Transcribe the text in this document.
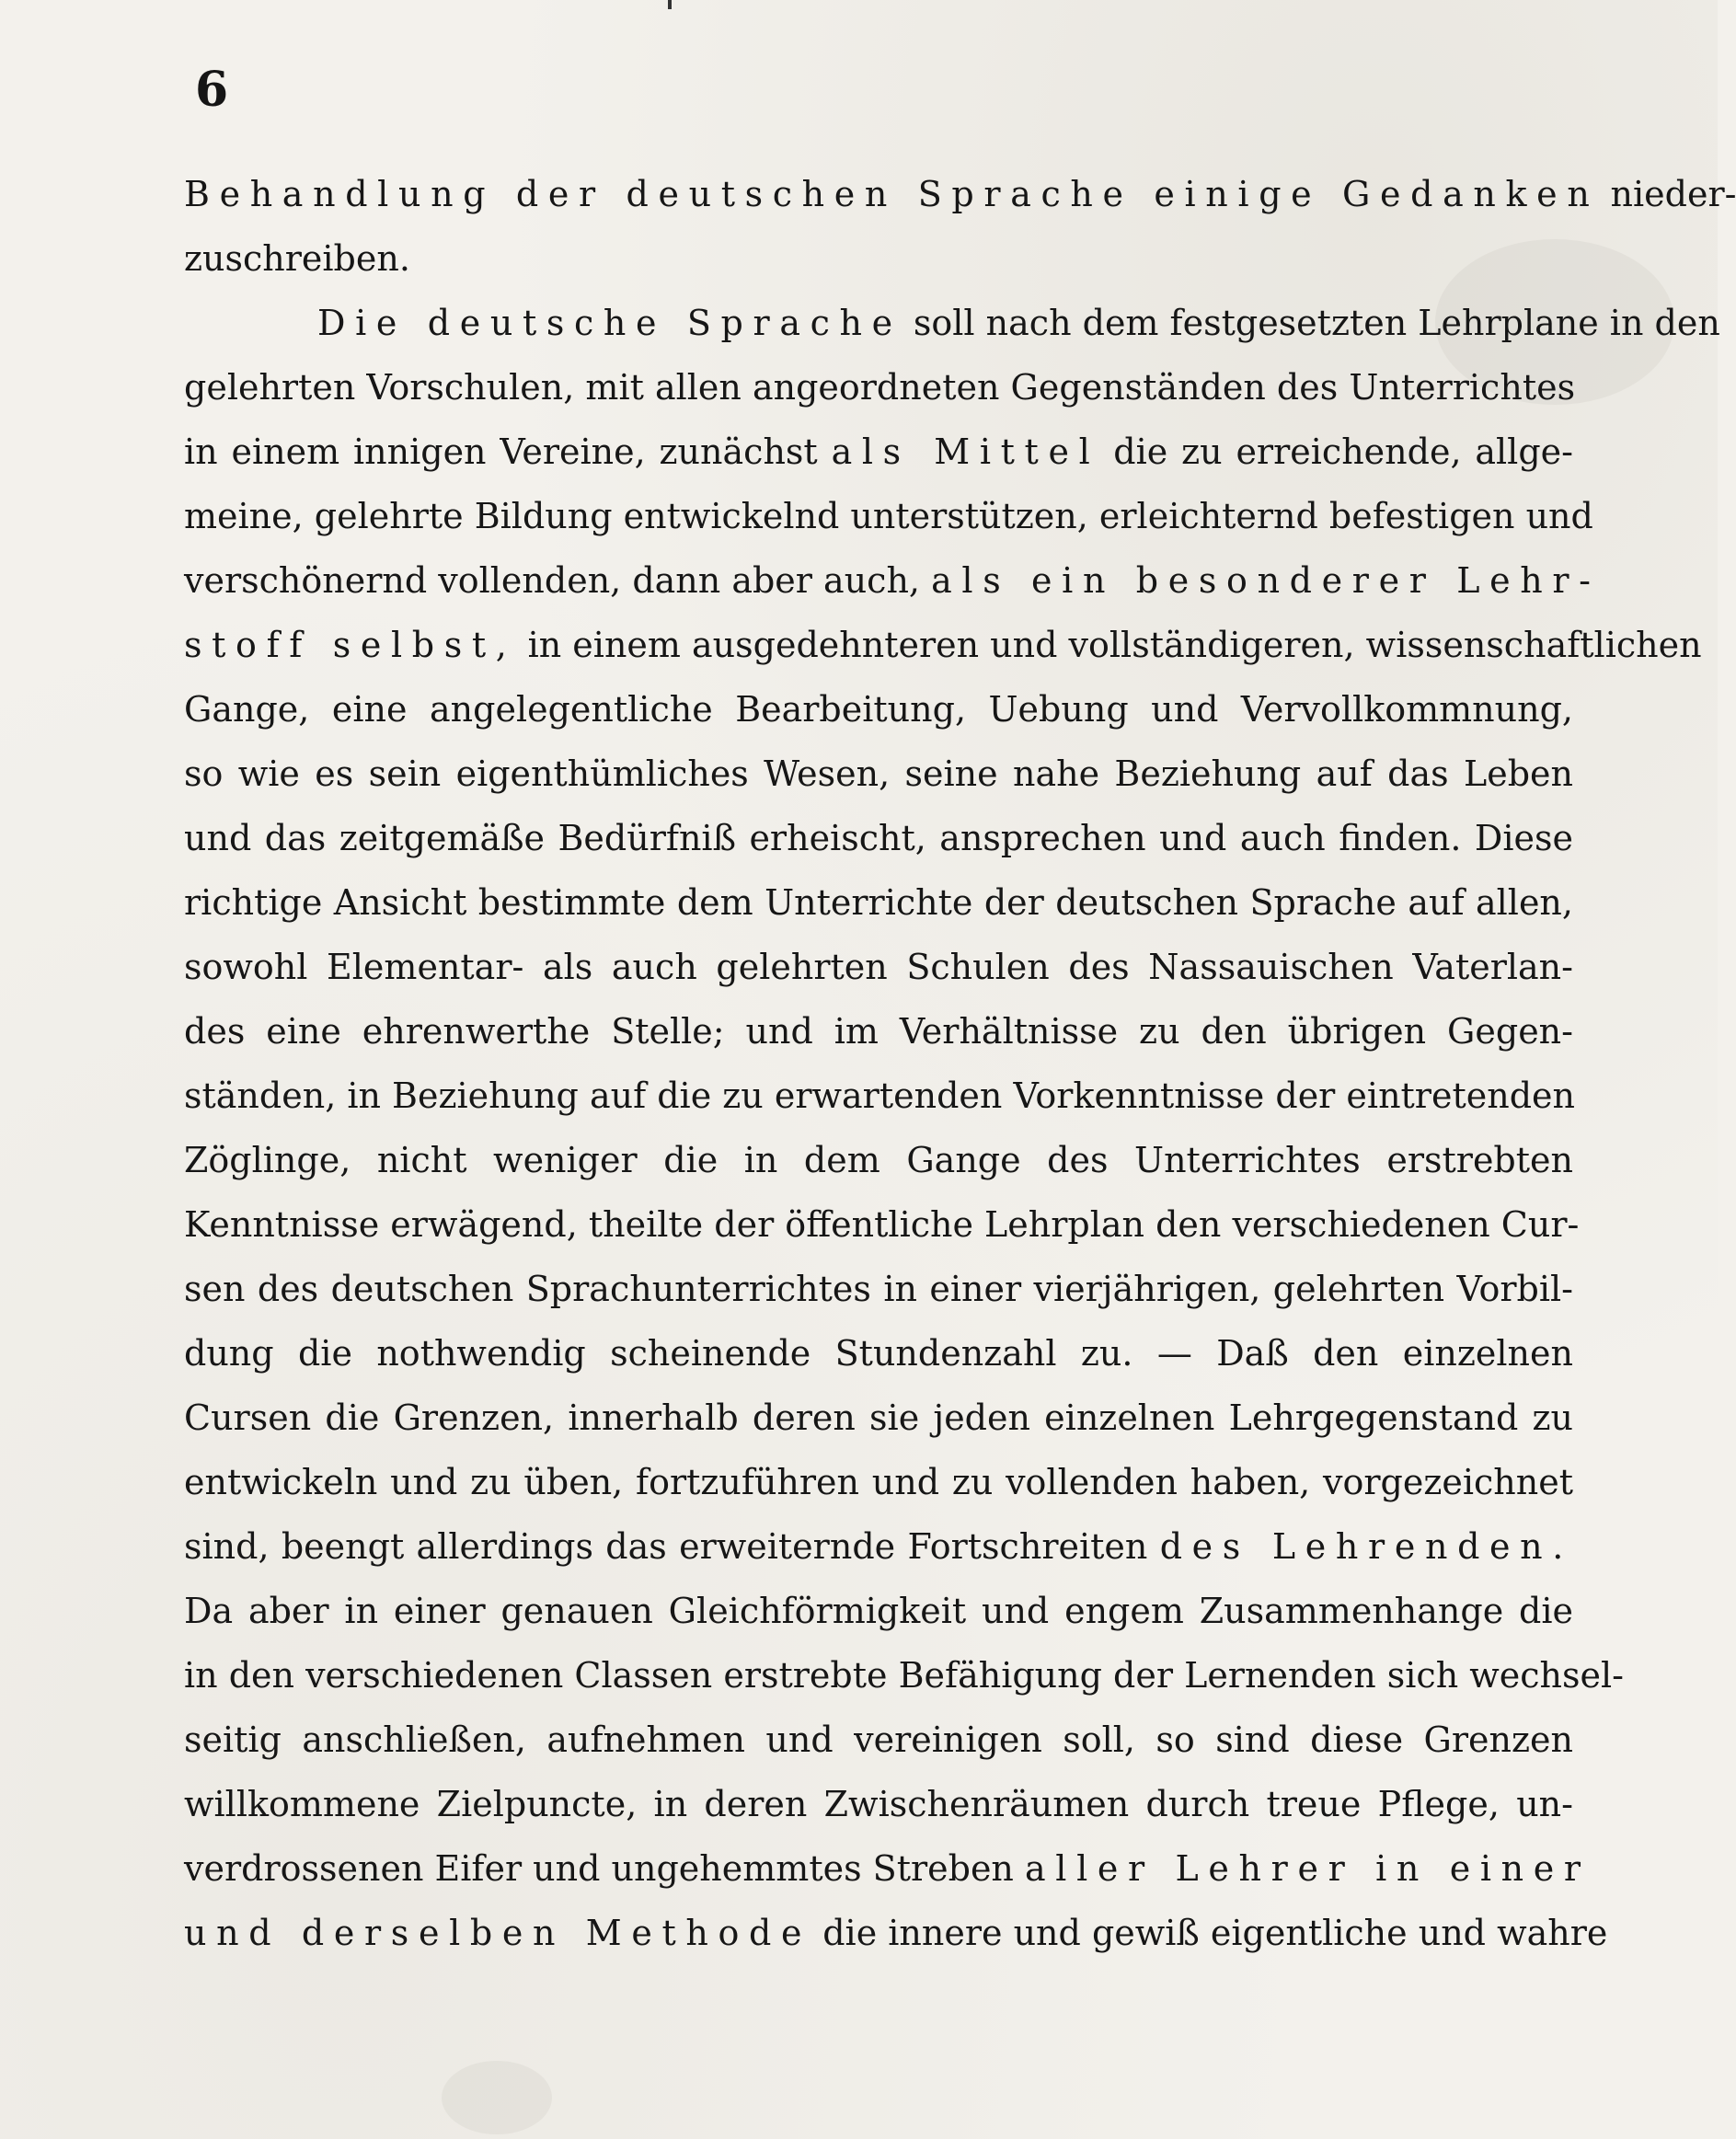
6
Behandlung der deutschen Sprache einige Gedanken nieder-
zuschreiben.
Die deutsche Sprache soll nach dem festgesetzten Lehrplane in den
gelehrten Vorschulen, mit allen angeordneten Gegenständen des Unterrichtes
in einem innigen Vereine, zunächst als Mittel die zu erreichende, allge-
meine, gelehrte Bildung entwickelnd unterstützen, erleichternd befestigen und
verschönernd vollenden, dann aber auch, als ein besonderer Lehr-
stoff selbst, in einem ausgedehnteren und vollständigeren, wissenschaftlichen
Gange, eine angelegentliche Bearbeitung, Uebung und Vervollkommnung,
so wie es sein eigenthümliches Wesen, seine nahe Beziehung auf das Leben
und das zeitgemäße Bedürfniß erheischt, ansprechen und auch finden. Diese
richtige Ansicht bestimmte dem Unterrichte der deutschen Sprache auf allen,
sowohl Elementar- als auch gelehrten Schulen des Nassauischen Vaterlan-
des eine ehrenwerthe Stelle; und im Verhältnisse zu den übrigen Gegen-
ständen, in Beziehung auf die zu erwartenden Vorkenntnisse der eintretenden
Zöglinge, nicht weniger die in dem Gange des Unterrichtes erstrebten
Kenntnisse erwägend, theilte der öffentliche Lehrplan den verschiedenen Cur-
sen des deutschen Sprachunterrichtes in einer vierjährigen, gelehrten Vorbil-
dung die nothwendig scheinende Stundenzahl zu. — Daß den einzelnen
Cursen die Grenzen, innerhalb deren sie jeden einzelnen Lehrgegenstand zu
entwickeln und zu üben, fortzuführen und zu vollenden haben, vorgezeichnet
sind, beengt allerdings das erweiternde Fortschreiten des Lehrenden.
Da aber in einer genauen Gleichförmigkeit und engem Zusammenhange die
in den verschiedenen Classen erstrebte Befähigung der Lernenden sich wechsel-
seitig anschließen, aufnehmen und vereinigen soll, so sind diese Grenzen
willkommene Zielpuncte, in deren Zwischenräumen durch treue Pflege, un-
verdrossenen Eifer und ungehemmtes Streben aller Lehrer in einer
und derselben Methode die innere und gewiß eigentliche und wahre
